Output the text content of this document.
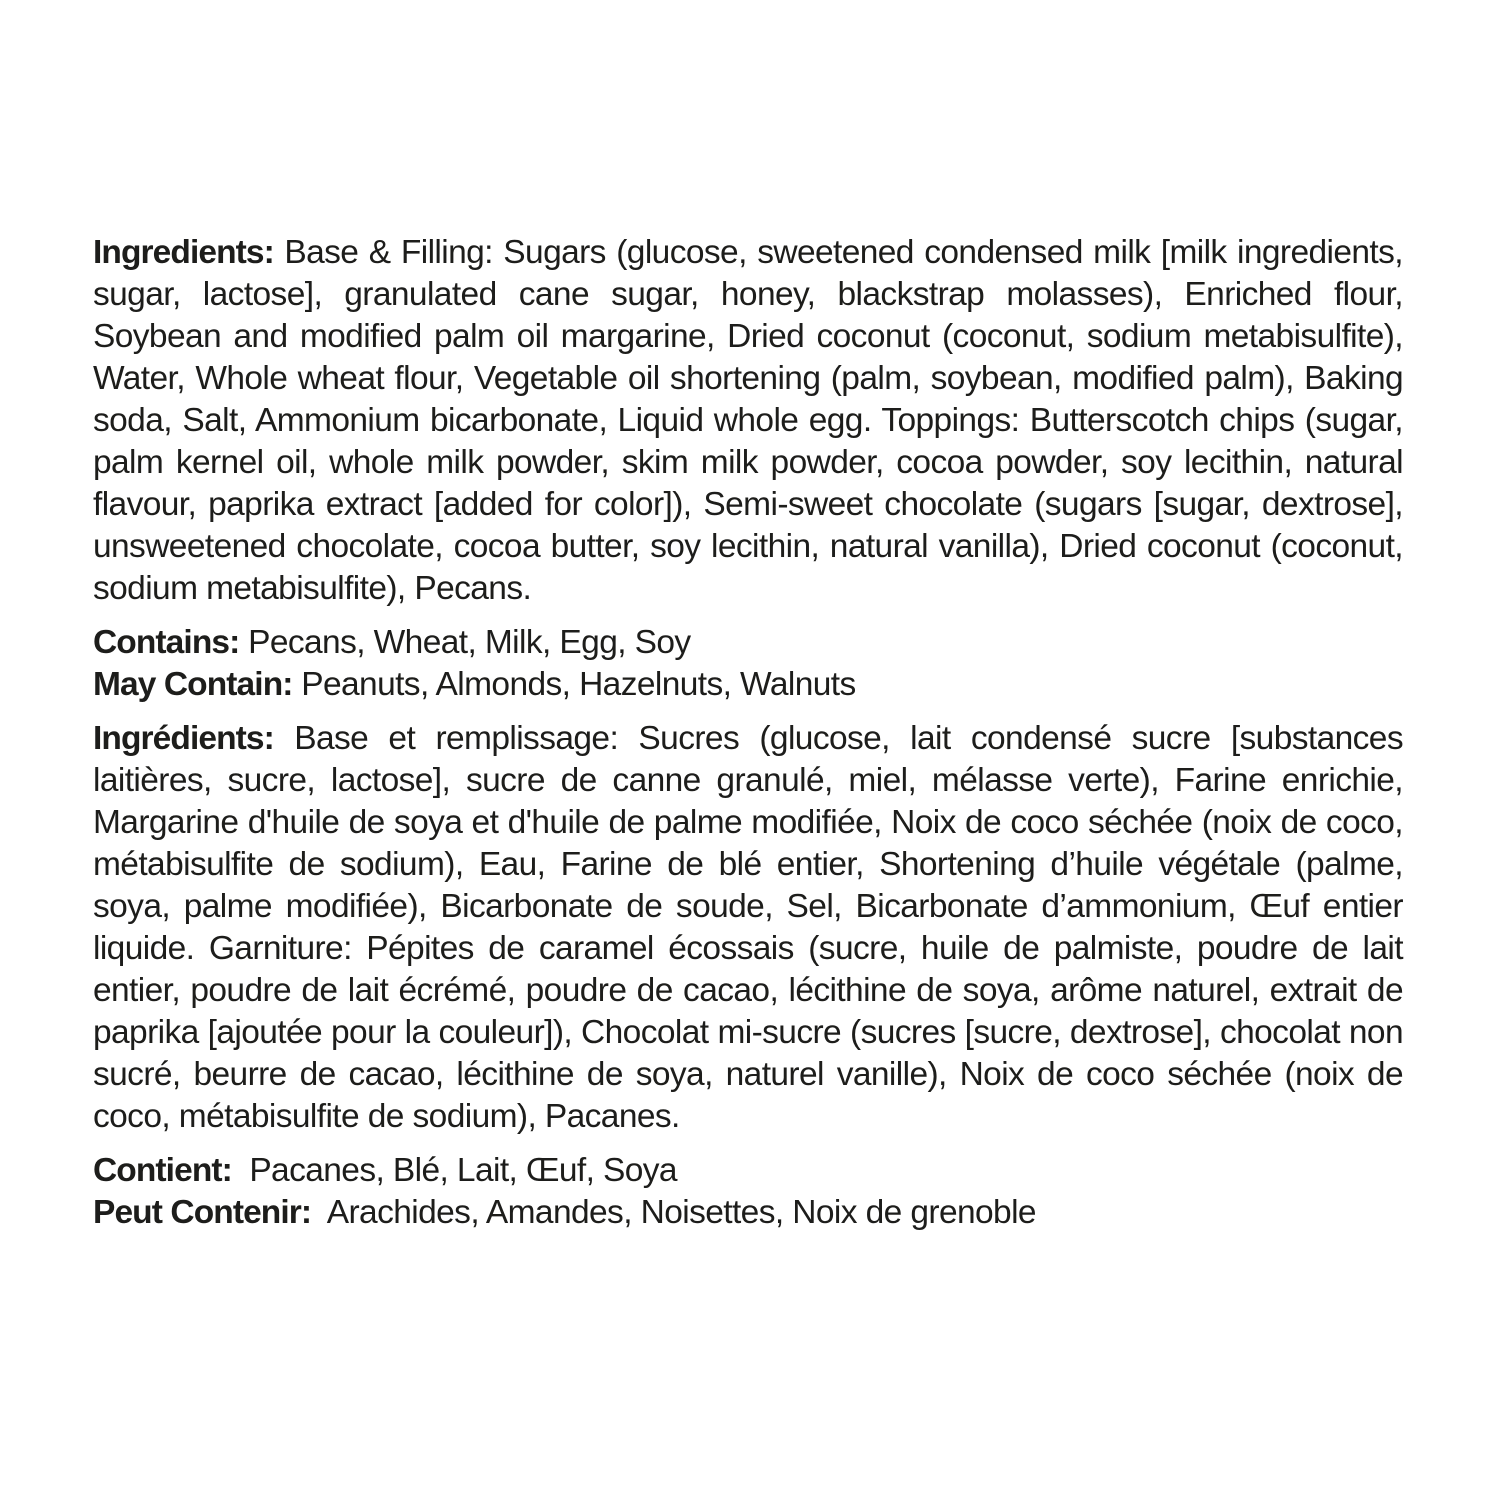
Ingredients: Base & Filling: Sugars (glucose, sweetened condensed milk [milk ingredients, sugar, lactose], granulated cane sugar, honey, blackstrap molasses), Enriched flour, Soybean and modified palm oil margarine, Dried coconut (coconut, sodium metabisulfite), Water, Whole wheat flour, Vegetable oil shortening (palm, soybean, modified palm), Baking soda, Salt, Ammonium bicarbonate, Liquid whole egg. Toppings: Butterscotch chips (sugar, palm kernel oil, whole milk powder, skim milk powder, cocoa powder, soy lecithin, natural flavour, paprika extract [added for color]), Semi-sweet chocolate (sugars [sugar, dextrose], unsweetened chocolate, cocoa butter, soy lecithin, natural vanilla), Dried coconut (coconut, sodium metabisulfite), Pecans.

Contains: Pecans, Wheat, Milk, Egg, Soy

May Contain: Peanuts, Almonds, Hazelnuts, Walnuts

Ingrédients: Base et remplissage: Sucres (glucose, lait condensé sucre [substances laitières, sucre, lactose], sucre de canne granulé, miel, mélasse verte), Farine enrichie, Margarine d'huile de soya et d'huile de palme modifiée, Noix de coco séchée (noix de coco, métabisulfite de sodium), Eau, Farine de blé entier, Shortening d’huile végétale (palme, soya, palme modifiée), Bicarbonate de soude, Sel, Bicarbonate d’ammonium, Œuf entier liquide. Garniture: Pépites de caramel écossais (sucre, huile de palmiste, poudre de lait entier, poudre de lait écrémé, poudre de cacao, lécithine de soya, arôme naturel, extrait de paprika [ajoutée pour la couleur]), Chocolat mi-sucre (sucres [sucre, dextrose], chocolat non sucré, beurre de cacao, lécithine de soya, naturel vanille), Noix de coco séchée (noix de coco, métabisulfite de sodium), Pacanes.

Contient: Pacanes, Blé, Lait, Œuf, Soya

Peut Contenir: Arachides, Amandes, Noisettes, Noix de grenoble
